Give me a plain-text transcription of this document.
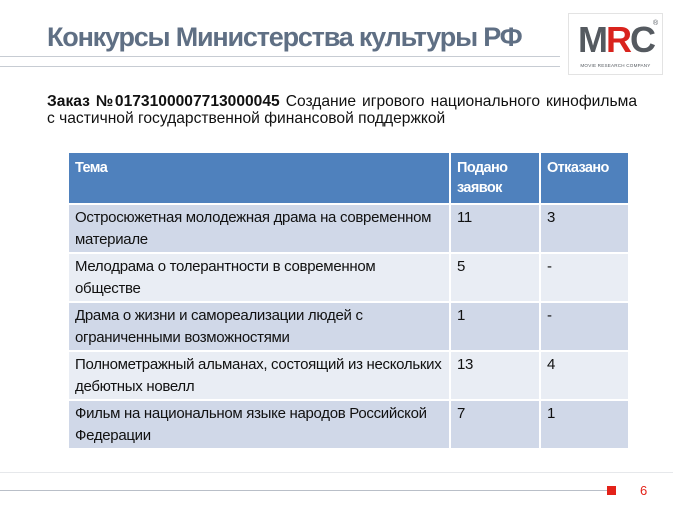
Конкурсы Министерства культуры РФ MRC ®
MOVIE RESEARCH COMPANY
Заказ №0173100007713000045 Создание игрового национального кинофильма с частичной государственной финансовой поддержкой
Тема	Подано заявок	Отказано
Остросюжетная молодежная драма на современном материале	11	3
Мелодрама о толерантности в современном обществе	5	-
Драма о жизни и самореализации людей с ограниченными возможностями	1	-
Полнометражный альманах, состоящий из нескольких дебютных новелл	13	4
Фильм на национальном языке народов Российской Федерации	7	1
6
